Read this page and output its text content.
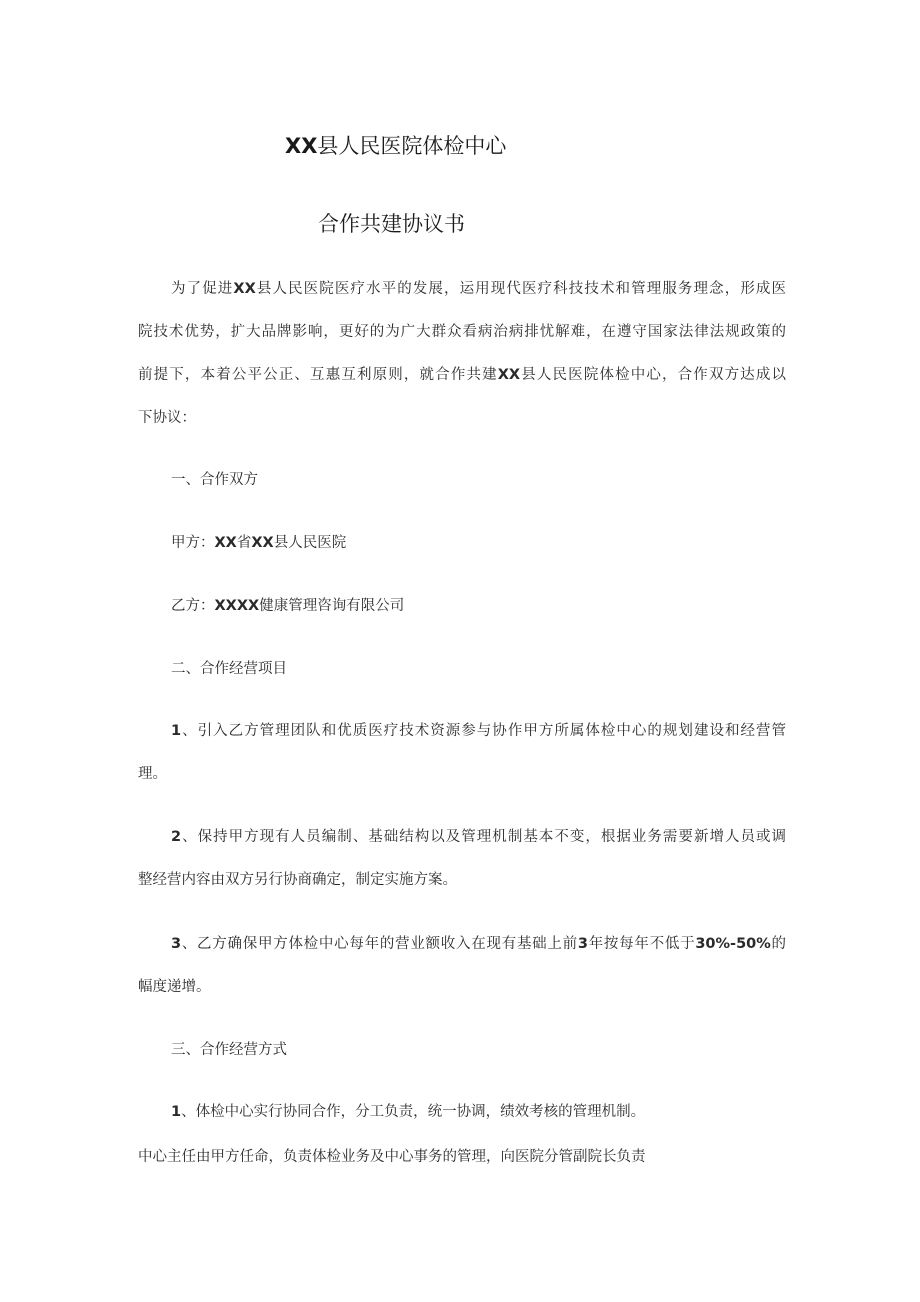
XX县人民医院体检中心
合作共建协议书
为了促进XX县人民医院医疗水平的发展，运用现代医疗科技技术和管理服务理念，形成医
院技术优势，扩大品牌影响，更好的为广大群众看病治病排忧解难，在遵守国家法律法规政策的
前提下，本着公平公正、互惠互利原则，就合作共建XX县人民医院体检中心，合作双方达成以
下协议：
一、合作双方
甲方：XX省XX县人民医院
乙方：XXXX健康管理咨询有限公司
二、合作经营项目
1、引入乙方管理团队和优质医疗技术资源参与协作甲方所属体检中心的规划建设和经营管
理。
2、保持甲方现有人员编制、基础结构以及管理机制基本不变，根据业务需要新增人员或调
整经营内容由双方另行协商确定，制定实施方案。
3、乙方确保甲方体检中心每年的营业额收入在现有基础上前3年按每年不低于30%-50%的
幅度递增。
三、合作经营方式
1、体检中心实行协同合作，分工负责，统一协调，绩效考核的管理机制。
中心主任由甲方任命，负责体检业务及中心事务的管理，向医院分管副院长负责
